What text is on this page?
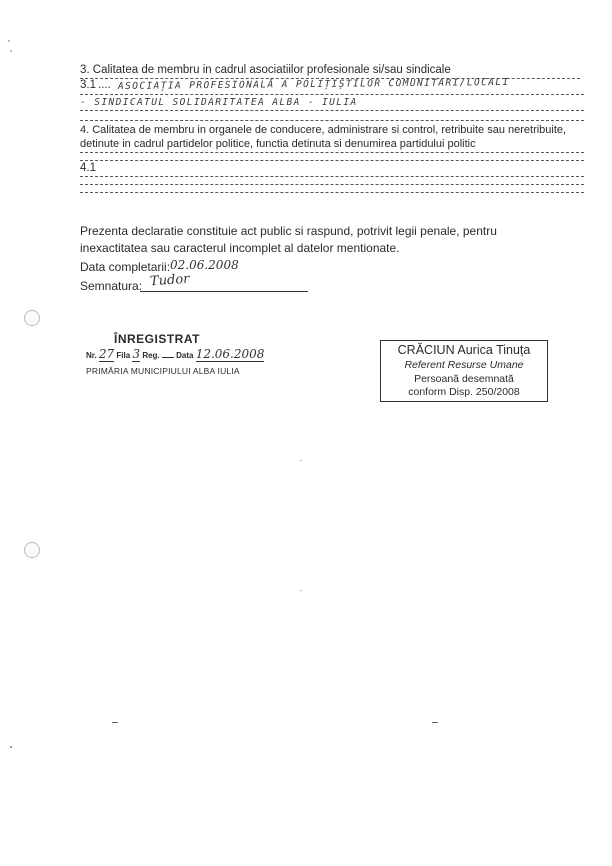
3. Calitatea de membru in cadrul asociatiilor profesionale si/sau sindicale
3.1 .... ASOCIAȚIA PROFESIONALĂ A POLIȚIȘTILOR COMUNITARI/LOCALI
- SINDICATUL SOLIDARITATEA ALBA - IULIA
4. Calitatea de membru in organele de conducere, administrare si control, retribuite sau neretribuite,
detinute in cadrul partidelor politice, functia detinuta si denumirea partidului politic
4.1
Prezenta declaratie constituie act public si raspund, potrivit legii penale, pentru
inexactitatea sau caracterul incomplet al datelor mentionate.
Data completarii: 02.06.2008
Semnatura: Tudor
ÎNREGISTRAT
Nr. 27 Fila 3 Reg. Data 12.06.2008
PRIMĂRIA MUNICIPIULUI ALBA IULIA
CRĂCIUN Aurica Tinuța
Referent Resurse Umane
Persoană desemnată
conform Disp. 250/2008
